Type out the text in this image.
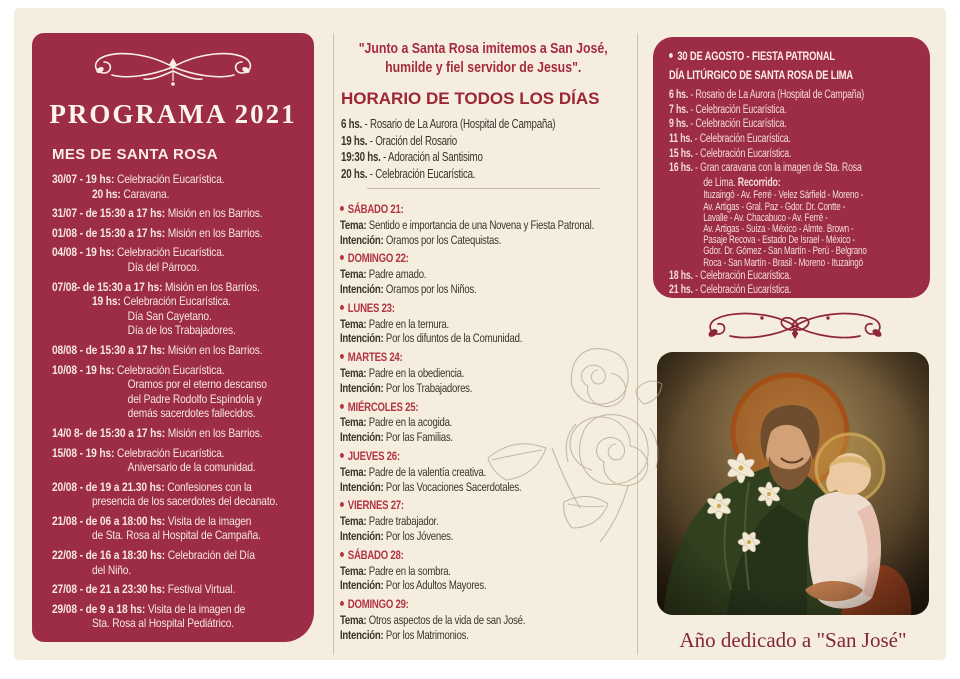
PROGRAMA 2021
MES DE SANTA ROSA
30/07 - 19 hs: Celebración Eucarística.
20 hs: Caravana.
31/07 - de 15:30 a 17 hs: Misión en los Barrios.
01/08 - de 15:30 a 17 hs: Misión en los Barrios.
04/08 - 19 hs: Celebración Eucarística.
Día del Párroco.
07/08- de 15:30 a 17 hs: Misión en los Barrios.
19 hs: Celebración Eucarística.
Día San Cayetano.
Día de los Trabajadores.
08/08 - de 15:30 a 17 hs: Misión en los Barrios.
10/08 - 19 hs: Celebración Eucarística.
Oramos por el eterno descanso
del Padre Rodolfo Espíndola y
demás sacerdotes fallecidos.
14/0 8- de 15:30 a 17 hs: Misión en los Barrios.
15/08 - 19 hs: Celebración Eucarística.
Aniversario de la comunidad.
20/08 - de 19 a 21.30 hs: Confesiones con la
presencia de los sacerdotes del decanato.
21/08 - de 06 a 18:00 hs: Visita de la imagen
de Sta. Rosa al Hospital de Campaña.
22/08 - de 16 a 18:30 hs: Celebración del Día
del Niño.
27/08 - de 21 a 23:30 hs: Festival Virtual.
29/08 - de 9 a 18 hs: Visita de la imagen de
Sta. Rosa al Hospital Pediátrico.
"Junto a Santa Rosa imitemos a San José,
humilde y fiel servidor de Jesus".
HORARIO DE TODOS LOS DÍAS
6 hs. - Rosario de La Aurora (Hospital de Campaña)
19 hs. - Oración del Rosario
19:30 hs. - Adoración al Santisimo
20 hs. - Celebración Eucarística.
SÁBADO 21:
Tema: Sentido e importancia de una Novena y Fiesta Patronal.
Intención: Oramos por los Catequistas.
DOMINGO 22:
Tema: Padre amado.
Intención: Oramos por los Niños.
LUNES 23:
Tema: Padre en la ternura.
Intención: Por los difuntos de la Comunidad.
MARTES 24:
Tema: Padre en la obediencia.
Intención: Por los Trabajadores.
MIÉRCOLES 25:
Tema: Padre en la acogida.
Intención: Por las Familias.
JUEVES 26:
Tema: Padre de la valentía creativa.
Intención: Por las Vocaciones Sacerdotales.
VIERNES 27:
Tema: Padre trabajador.
Intención: Por los Jóvenes.
SÁBADO 28:
Tema: Padre en la sombra.
Intención: Por los Adultos Mayores.
DOMINGO 29:
Tema: Otros aspectos de la vida de san José.
Intención: Por los Matrimonios.
30 DE AGOSTO - FIESTA PATRONAL
DÍA LITÚRGICO DE SANTA ROSA DE LIMA
6 hs. - Rosario de La Aurora (Hospital de Campaña)
7 hs. - Celebración Eucarística.
9 hs. - Celebración Eucarística.
11 hs. - Celebración Eucarística.
15 hs. - Celebración Eucarística.
16 hs. - Gran caravana con la imagen de Sta. Rosa
de Lima. Recorrido:
Ituzaingó - Av. Ferré - Velez Sárfield - Moreno -
Av. Artigas - Gral. Paz - Gdor. Dr. Contte -
Lavalle - Av. Chacabuco - Av. Ferré -
Av. Artigas - Suiza - México - Almte. Brown -
Pasaje Recova - Estado De Israel - México -
Gdor. Dr. Gómez - San Martín - Perú - Belgrano
Roca - San Martín - Brasil - Moreno - Ituzaingó
18 hs. - Celebración Eucarística.
21 hs. - Celebración Eucarística.
Año dedicado a "San José"
